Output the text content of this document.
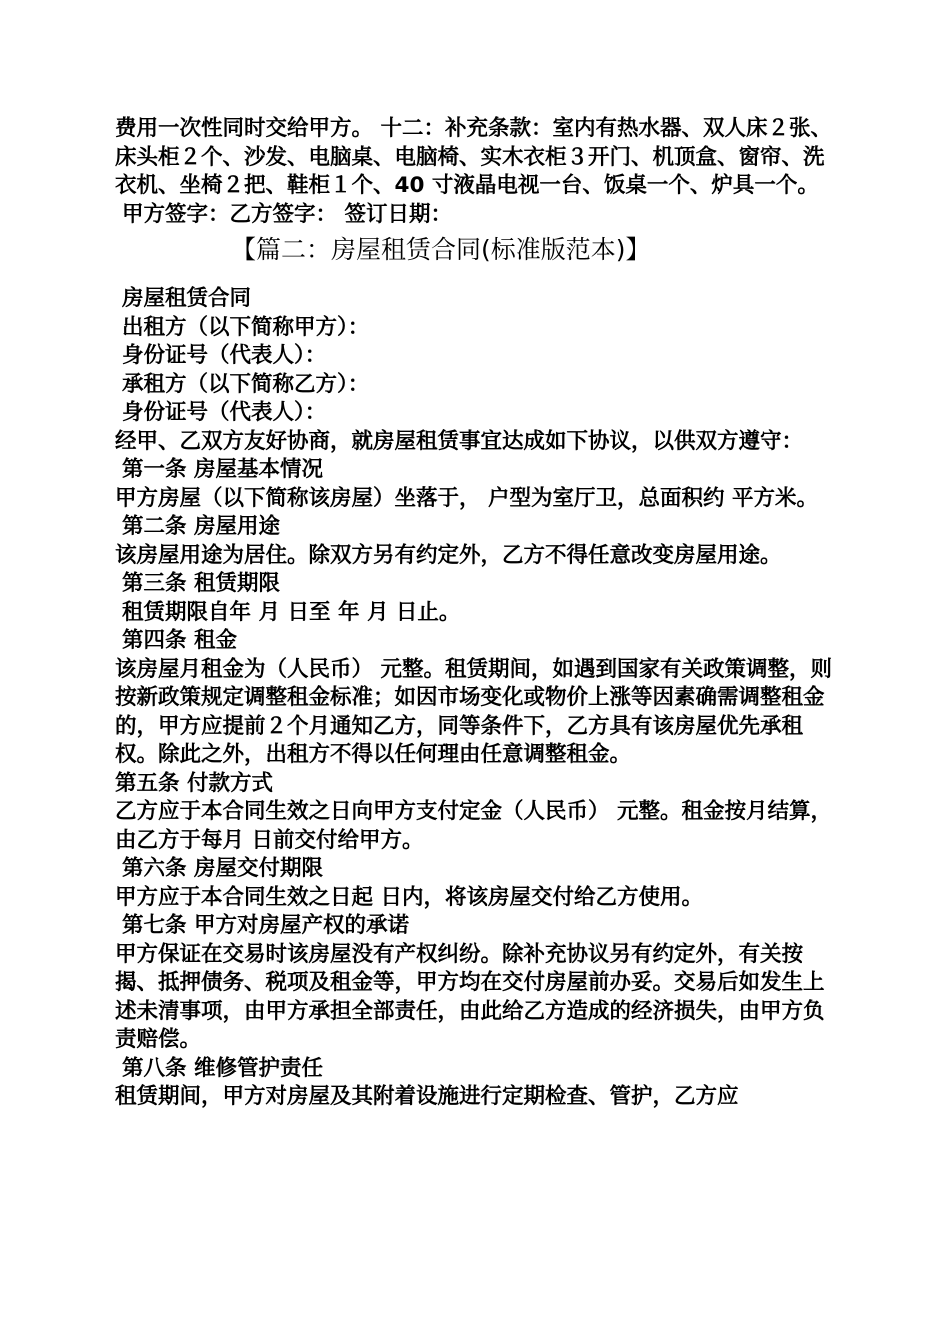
费用一次性同时交给甲方。 十二：补充条款：室内有热水器、双人床２张、床头柜２个、沙发、电脑桌、电脑椅、实木衣柜３开门、机顶盒、窗帘、洗衣机、坐椅２把、鞋柜１个、40 寸液晶电视一台、饭桌一个、炉具一个。

甲方签字：乙方签字： 签订日期：

【篇二：房屋租赁合同(标准版范本)】

房屋租赁合同

出租方（以下简称甲方）：

身份证号（代表人）：

承租方（以下简称乙方）：

身份证号（代表人）：

经甲、乙双方友好协商，就房屋租赁事宜达成如下协议，以供双方遵守：

第一条 房屋基本情况

甲方房屋（以下简称该房屋）坐落于， 户型为室厅卫，总面积约 平方米。

第二条 房屋用途

该房屋用途为居住。除双方另有约定外，乙方不得任意改变房屋用途。

第三条 租赁期限

租赁期限自年 月 日至 年 月 日止。

第四条 租金

该房屋月租金为（人民币） 元整。租赁期间，如遇到国家有关政策调整，则按新政策规定调整租金标准；如因市场变化或物价上涨等因素确需调整租金的，甲方应提前２个月通知乙方，同等条件下，乙方具有该房屋优先承租权。除此之外，出租方不得以任何理由任意调整租金。

第五条 付款方式

乙方应于本合同生效之日向甲方支付定金（人民币） 元整。租金按月结算，由乙方于每月 日前交付给甲方。

第六条 房屋交付期限

甲方应于本合同生效之日起 日内，将该房屋交付给乙方使用。

第七条 甲方对房屋产权的承诺

甲方保证在交易时该房屋没有产权纠纷。除补充协议另有约定外，有关按揭、抵押债务、税项及租金等，甲方均在交付房屋前办妥。交易后如发生上述未清事项，由甲方承担全部责任，由此给乙方造成的经济损失，由甲方负责赔偿。

第八条 维修管护责任

租赁期间，甲方对房屋及其附着设施进行定期检查、管护，乙方应
